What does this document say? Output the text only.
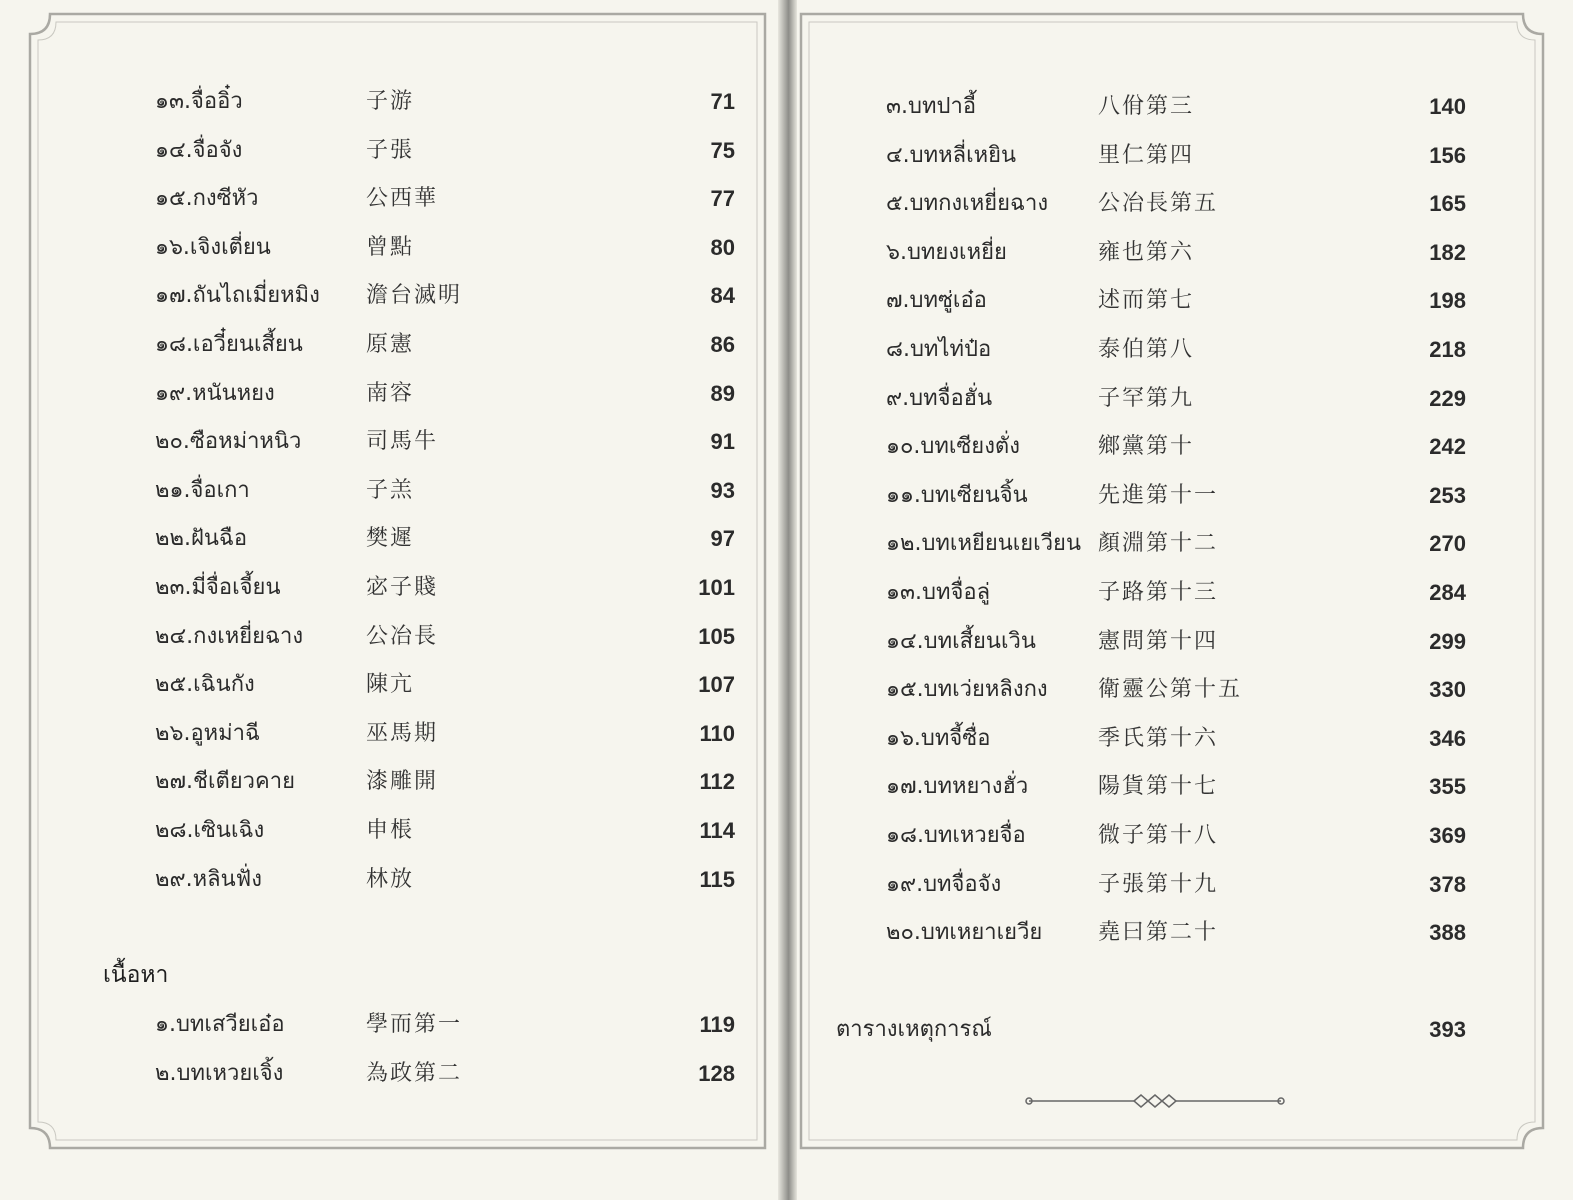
๑๓.จื่ออิ๋ว	子游	71
๑๔.จื่อจัง	子張	75
๑๕.กงซีหัว	公西華	77
๑๖.เจิงเตี่ยน	曾點	80
๑๗.ถันไถเมี่ยหมิง 澹台滅明	84
๑๘.เอวี๋ยนเสี้ยน	原憲	86
๑๙.หนันหยง	南容	89
๒๐.ซือหม่าหนิว	司馬牛	91
๒๑.จื่อเกา	子羔	93
๒๒.ฝันฉือ	樊遲	97
๒๓.มี่จื่อเจี้ยน	宓子賤	101
๒๔.กงเหยี่ยฉาง	公冶長	105
๒๕.เฉินกัง	陳亢	107
๒๖.อูหม่าฉี	巫馬期	110
๒๗.ชีเตียวคาย	漆雕開	112
๒๘.เซินเฉิง	申棖	114
๒๙.หลินฟั่ง	林放	115
เนื้อหา
๑.บทเสวียเอ๋อ	學而第一	119
๒.บทเหวยเจิ้ง	為政第二	128
๓.บทปาอี้	八佾第三	140
๔.บทหลี่เหยิน	里仁第四	156
๕.บทกงเหยี่ยฉาง 公冶長第五	165
๖.บทยงเหยี่ย	雍也第六	182
๗.บทซู่เอ๋อ	述而第七	198
๘.บทไท่ป๋อ	泰伯第八	218
๙.บทจื่อฮั่น	子罕第九	229
๑๐.บทเซียงตั่ง	鄉黨第十	242
๑๑.บทเซียนจิ้น	先進第十一	253
๑๒.บทเหยียนเยเวียน 顏淵第十二	270
๑๓.บทจื่อลู่	子路第十三	284
๑๔.บทเสี้ยนเวิน	憲問第十四	299
๑๕.บทเว่ยหลิงกง 衛靈公第十五	330
๑๖.บทจี้ซื่อ	季氏第十六	346
๑๗.บทหยางฮั่ว	陽貨第十七	355
๑๘.บทเหวยจื่อ	微子第十八	369
๑๙.บทจื่อจัง	子張第十九	378
๒๐.บทเหยาเยวีย	堯曰第二十	388
ตารางเหตุการณ์	393
